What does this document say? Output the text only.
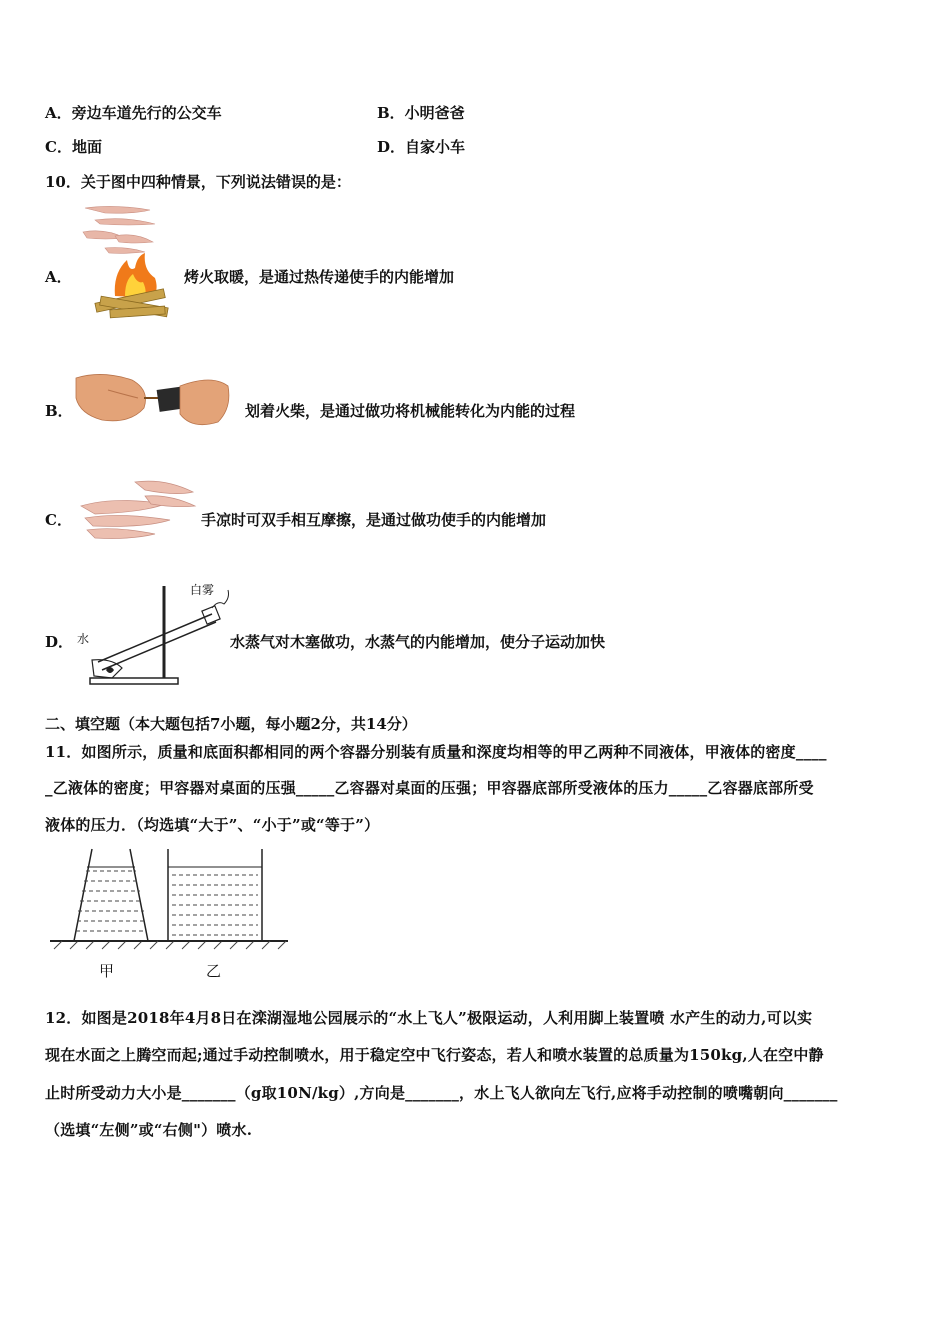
A．旁边车道先行的公交车	B．小明爸爸
C．地面	D．自家小车
10．关于图中四种情景，下列说法错误的是：
A．	烤火取暖，是通过热传递使手的内能增加
B．	划着火柴，是通过做功将机械能转化为内能的过程
C．	手凉时可双手相互摩擦，是通过做功使手的内能增加
D． 水
白雾
水蒸气对木塞做功，水蒸气的内能增加，使分子运动加快
二、填空题（本大题包括7小题，每小题2分，共14分）
11．如图所示，质量和底面积都相同的两个容器分别装有质量和深度均相等的甲乙两种不同液体，甲液体的密度____
_乙液体的密度；甲容器对桌面的压强_____乙容器对桌面的压强；甲容器底部所受液体的压力_____乙容器底部所受
液体的压力．（均选填“大于”、“小于”或“等于”）
甲	乙
12．如图是2018年4月8日在滦湖湿地公园展示的“水上飞人”极限运动，人利用脚上装置喷 水产生的动力,可以实
现在水面之上腾空而起;通过手动控制喷水，用于稳定空中飞行姿态，若人和喷水装置的总质量为150kg,人在空中静
止时所受动力大小是_______（g取10N/kg）,方向是_______，水上飞人欲向左飞行,应将手动控制的喷嘴朝向_______
（选填“左侧”或“右侧"）喷水.
